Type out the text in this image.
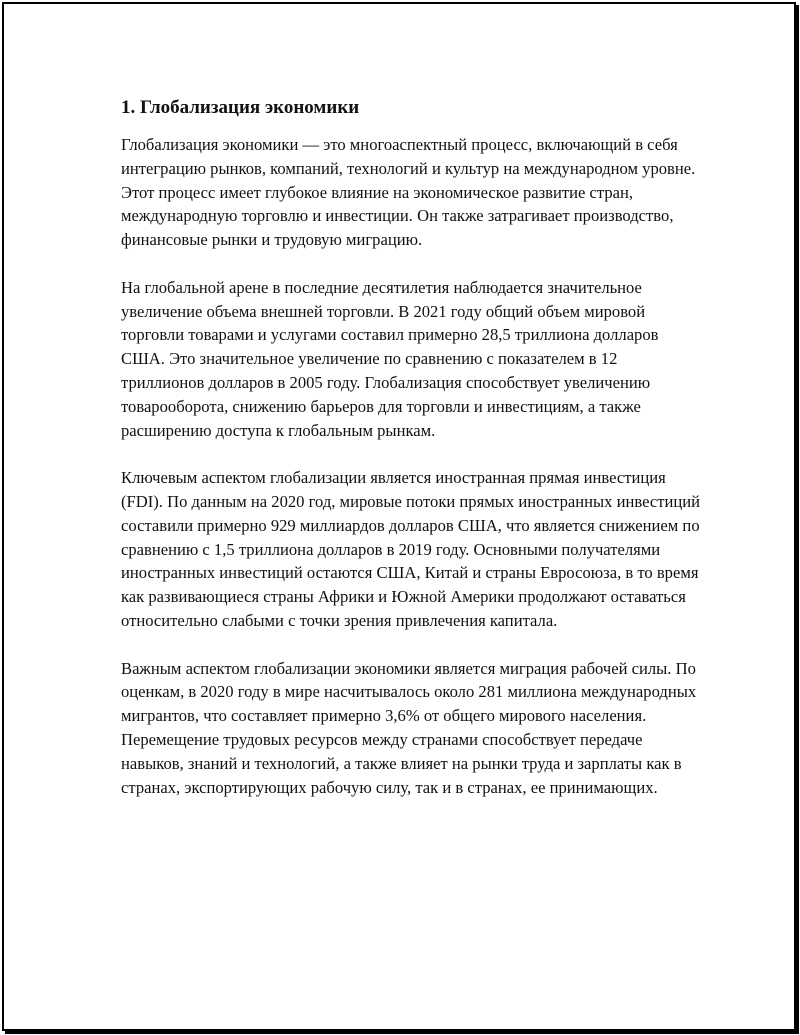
1. Глобализация экономики

Глобализация экономики — это многоаспектный процесс, включающий в себя интеграцию рынков, компаний, технологий и культур на международном уровне. Этот процесс имеет глубокое влияние на экономическое развитие стран, международную торговлю и инвестиции. Он также затрагивает производство, финансовые рынки и трудовую миграцию.

На глобальной арене в последние десятилетия наблюдается значительное увеличение объема внешней торговли. В 2021 году общий объем мировой торговли товарами и услугами составил примерно 28,5 триллиона долларов США. Это значительное увеличение по сравнению с показателем в 12 триллионов долларов в 2005 году. Глобализация способствует увеличению товарооборота, снижению барьеров для торговли и инвестициям, а также расширению доступа к глобальным рынкам.

Ключевым аспектом глобализации является иностранная прямая инвестиция (FDI). По данным на 2020 год, мировые потоки прямых иностранных инвестиций составили примерно 929 миллиардов долларов США, что является снижением по сравнению с 1,5 триллиона долларов в 2019 году. Основными получателями иностранных инвестиций остаются США, Китай и страны Евросоюза, в то время как развивающиеся страны Африки и Южной Америки продолжают оставаться относительно слабыми с точки зрения привлечения капитала.

Важным аспектом глобализации экономики является миграция рабочей силы. По оценкам, в 2020 году в мире насчитывалось около 281 миллиона международных мигрантов, что составляет примерно 3,6% от общего мирового населения. Перемещение трудовых ресурсов между странами способствует передаче навыков, знаний и технологий, а также влияет на рынки труда и зарплаты как в странах, экспортирующих рабочую силу, так и в странах, ее принимающих.
